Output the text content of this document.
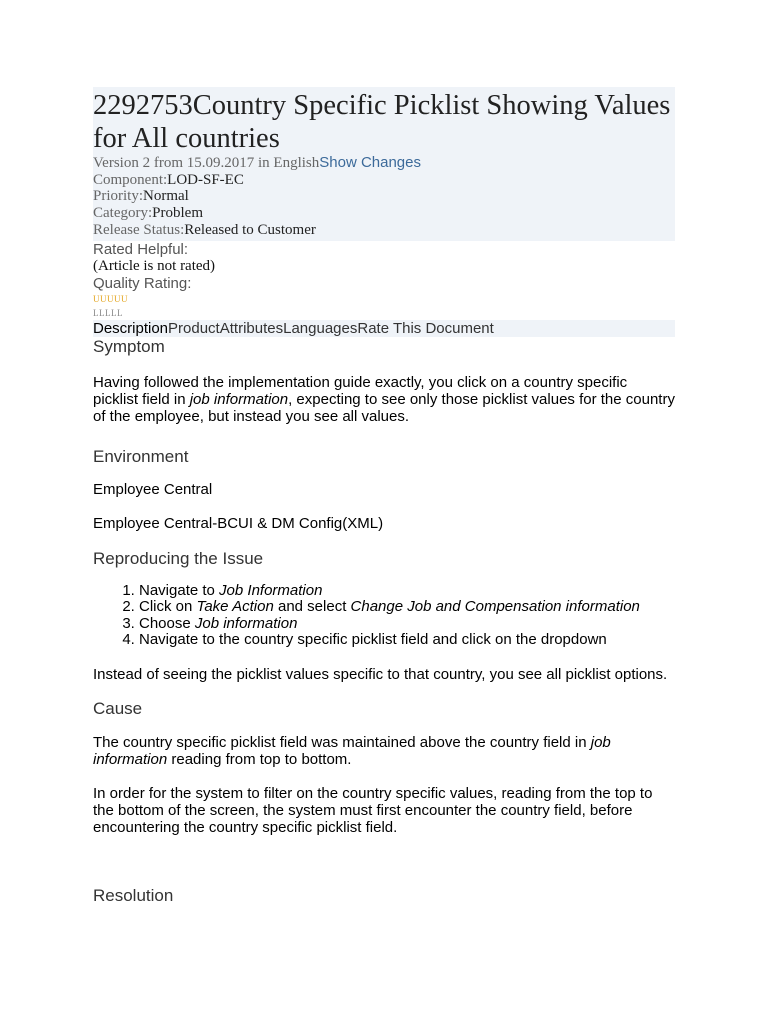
2292753Country Specific Picklist Showing Values for All countries
Version 2 from 15.09.2017 in EnglishShow Changes
Component:LOD-SF-EC
Priority:Normal
Category:Problem
Release Status:Released to Customer
Rated Helpful:
(Article is not rated)
Quality Rating:
UUUUU
LLLLL
DescriptionProductAttributesLanguagesRate This Document
Symptom

Having followed the implementation guide exactly, you click on a country specific picklist field in job information, expecting to see only those picklist values for the country of the employee, but instead you see all values.

Environment

Employee Central

Employee Central-BCUI & DM Config(XML)

Reproducing the Issue
1. Navigate to Job Information
2. Click on Take Action and select Change Job and Compensation information
3. Choose Job information
4. Navigate to the country specific picklist field and click on the dropdown

Instead of seeing the picklist values specific to that country, you see all picklist options.

Cause

The country specific picklist field was maintained above the country field in job information reading from top to bottom.

In order for the system to filter on the country specific values, reading from the top to the bottom of the screen, the system must first encounter the country field, before encountering the country specific picklist field.

Resolution
